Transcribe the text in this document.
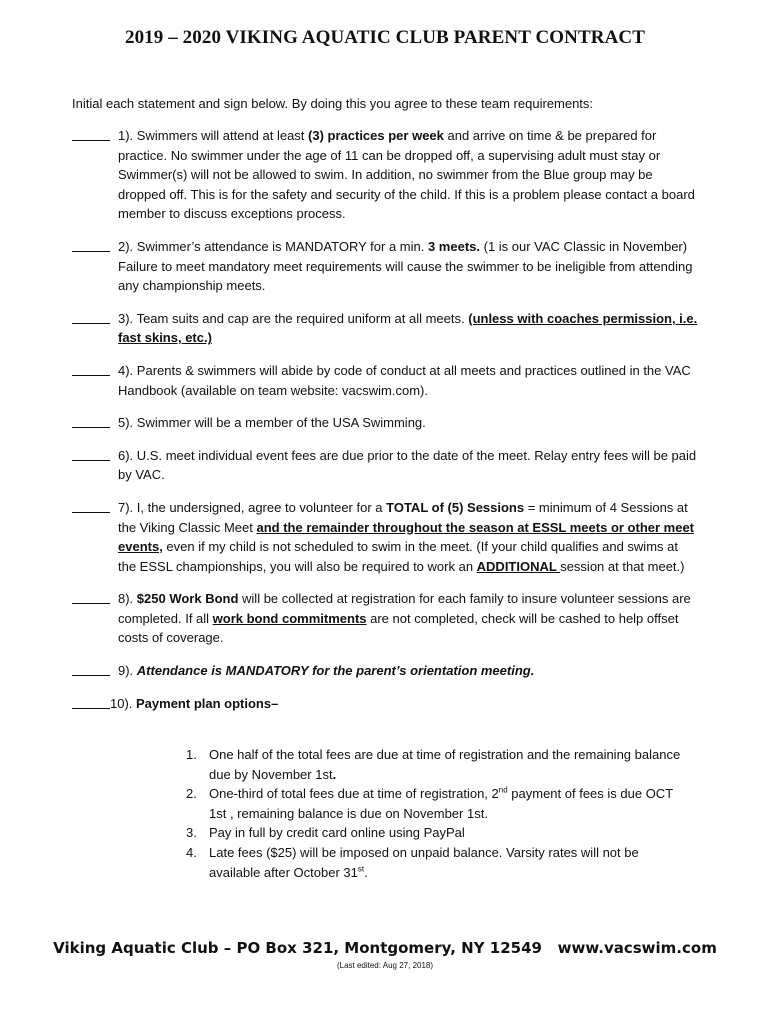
2019 – 2020 VIKING AQUATIC CLUB PARENT CONTRACT
Initial each statement and sign below. By doing this you agree to these team requirements:
1). Swimmers will attend at least (3) practices per week and arrive on time & be prepared for practice. No swimmer under the age of 11 can be dropped off, a supervising adult must stay or Swimmer(s) will not be allowed to swim. In addition, no swimmer from the Blue group may be dropped off. This is for the safety and security of the child. If this is a problem please contact a board member to discuss exceptions process.
2). Swimmer’s attendance is MANDATORY for a min. 3 meets. (1 is our VAC Classic in November) Failure to meet mandatory meet requirements will cause the swimmer to be ineligible from attending any championship meets.
3). Team suits and cap are the required uniform at all meets. (unless with coaches permission, i.e. fast skins, etc.)
4). Parents & swimmers will abide by code of conduct at all meets and practices outlined in the VAC Handbook (available on team website: vacswim.com).
5). Swimmer will be a member of the USA Swimming.
6). U.S. meet individual event fees are due prior to the date of the meet. Relay entry fees will be paid by VAC.
7). I, the undersigned, agree to volunteer for a TOTAL of (5) Sessions = minimum of 4 Sessions at the Viking Classic Meet and the remainder throughout the season at ESSL meets or other meet events, even if my child is not scheduled to swim in the meet. (If your child qualifies and swims at the ESSL championships, you will also be required to work an ADDITIONAL session at that meet.)
8). $250 Work Bond will be collected at registration for each family to insure volunteer sessions are completed. If all work bond commitments are not completed, check will be cashed to help offset costs of coverage.
9). Attendance is MANDATORY for the parent’s orientation meeting.
10). Payment plan options–
1. One half of the total fees are due at time of registration and the remaining balance due by November 1st.
2. One-third of total fees due at time of registration, 2nd payment of fees is due OCT 1st , remaining balance is due on November 1st.
3. Pay in full by credit card online using PayPal
4. Late fees ($25) will be imposed on unpaid balance. Varsity rates will not be available after October 31st.
Viking Aquatic Club – PO Box 321, Montgomery, NY 12549   www.vacswim.com
(Last edited: Aug 27, 2018)
